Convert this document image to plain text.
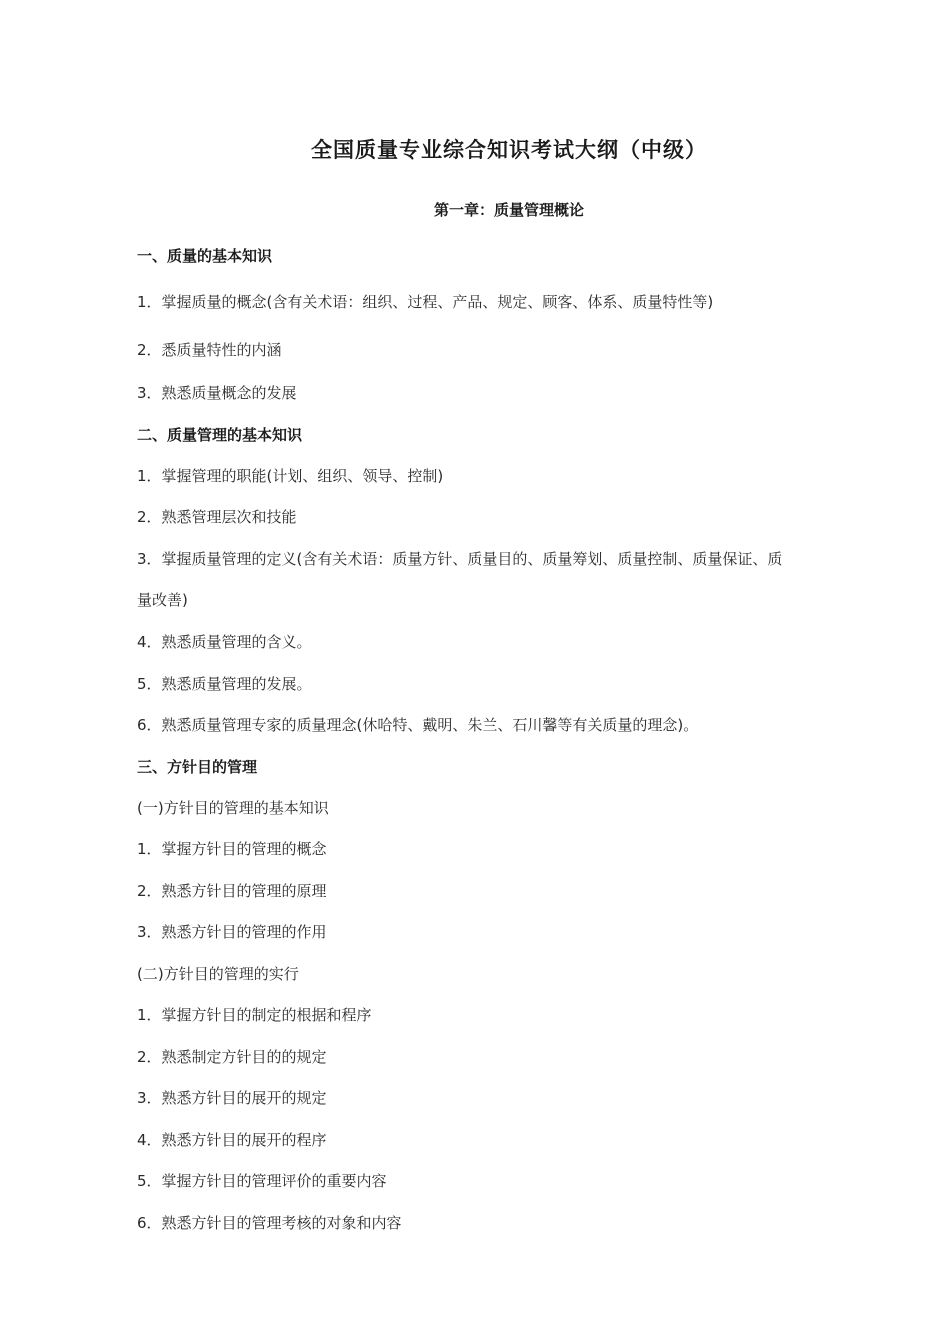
全国质量专业综合知识考试大纲（中级）
第一章：质量管理概论
一、质量的基本知识
1．掌握质量的概念(含有关术语：组织、过程、产品、规定、顾客、体系、质量特性等)
2．悉质量特性的内涵
3．熟悉质量概念的发展
二、质量管理的基本知识
1．掌握管理的职能(计划、组织、领导、控制)
2．熟悉管理层次和技能
3．掌握质量管理的定义(含有关术语：质量方针、质量目的、质量筹划、质量控制、质量保证、质
量改善)
4．熟悉质量管理的含义。
5．熟悉质量管理的发展。
6．熟悉质量管理专家的质量理念(休哈特、戴明、朱兰、石川馨等有关质量的理念)。
三、方针目的管理
(一)方针目的管理的基本知识
1．掌握方针目的管理的概念
2．熟悉方针目的管理的原理
3．熟悉方针目的管理的作用
(二)方针目的管理的实行
1．掌握方针目的制定的根据和程序
2．熟悉制定方针目的的规定
3．熟悉方针目的展开的规定
4．熟悉方针目的展开的程序
5．掌握方针目的管理评价的重要内容
6．熟悉方针目的管理考核的对象和内容
